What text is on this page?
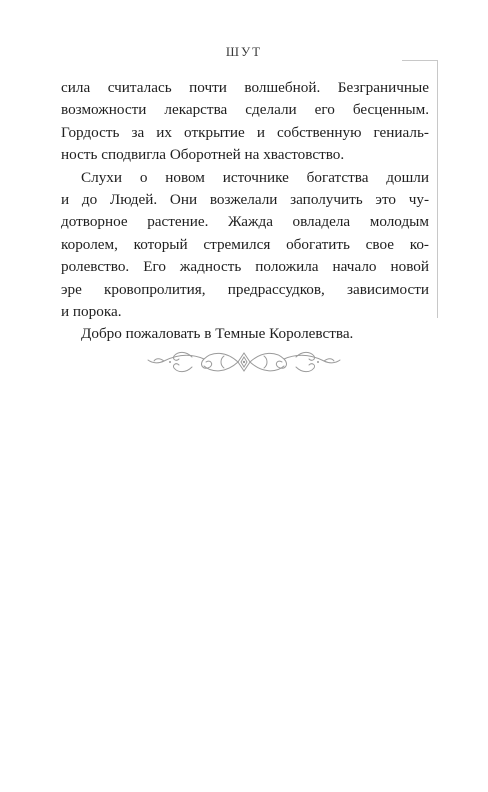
ШУТ

сила считалась почти волшебной. Безграничные
возможности лекарства сделали его бесценным.
Гордость за их открытие и собственную гениаль-
ность сподвигла Оборотней на хвастовство.

Слухи о новом источнике богатства дошли
и до Людей. Они возжелали заполучить это чу-
дотворное растение. Жажда овладела молодым
королем, который стремился обогатить свое ко-
ролевство. Его жадность положила начало новой
эре кровопролития, предрассудков, зависимости
и порока.

Добро пожаловать в Темные Королевства.
